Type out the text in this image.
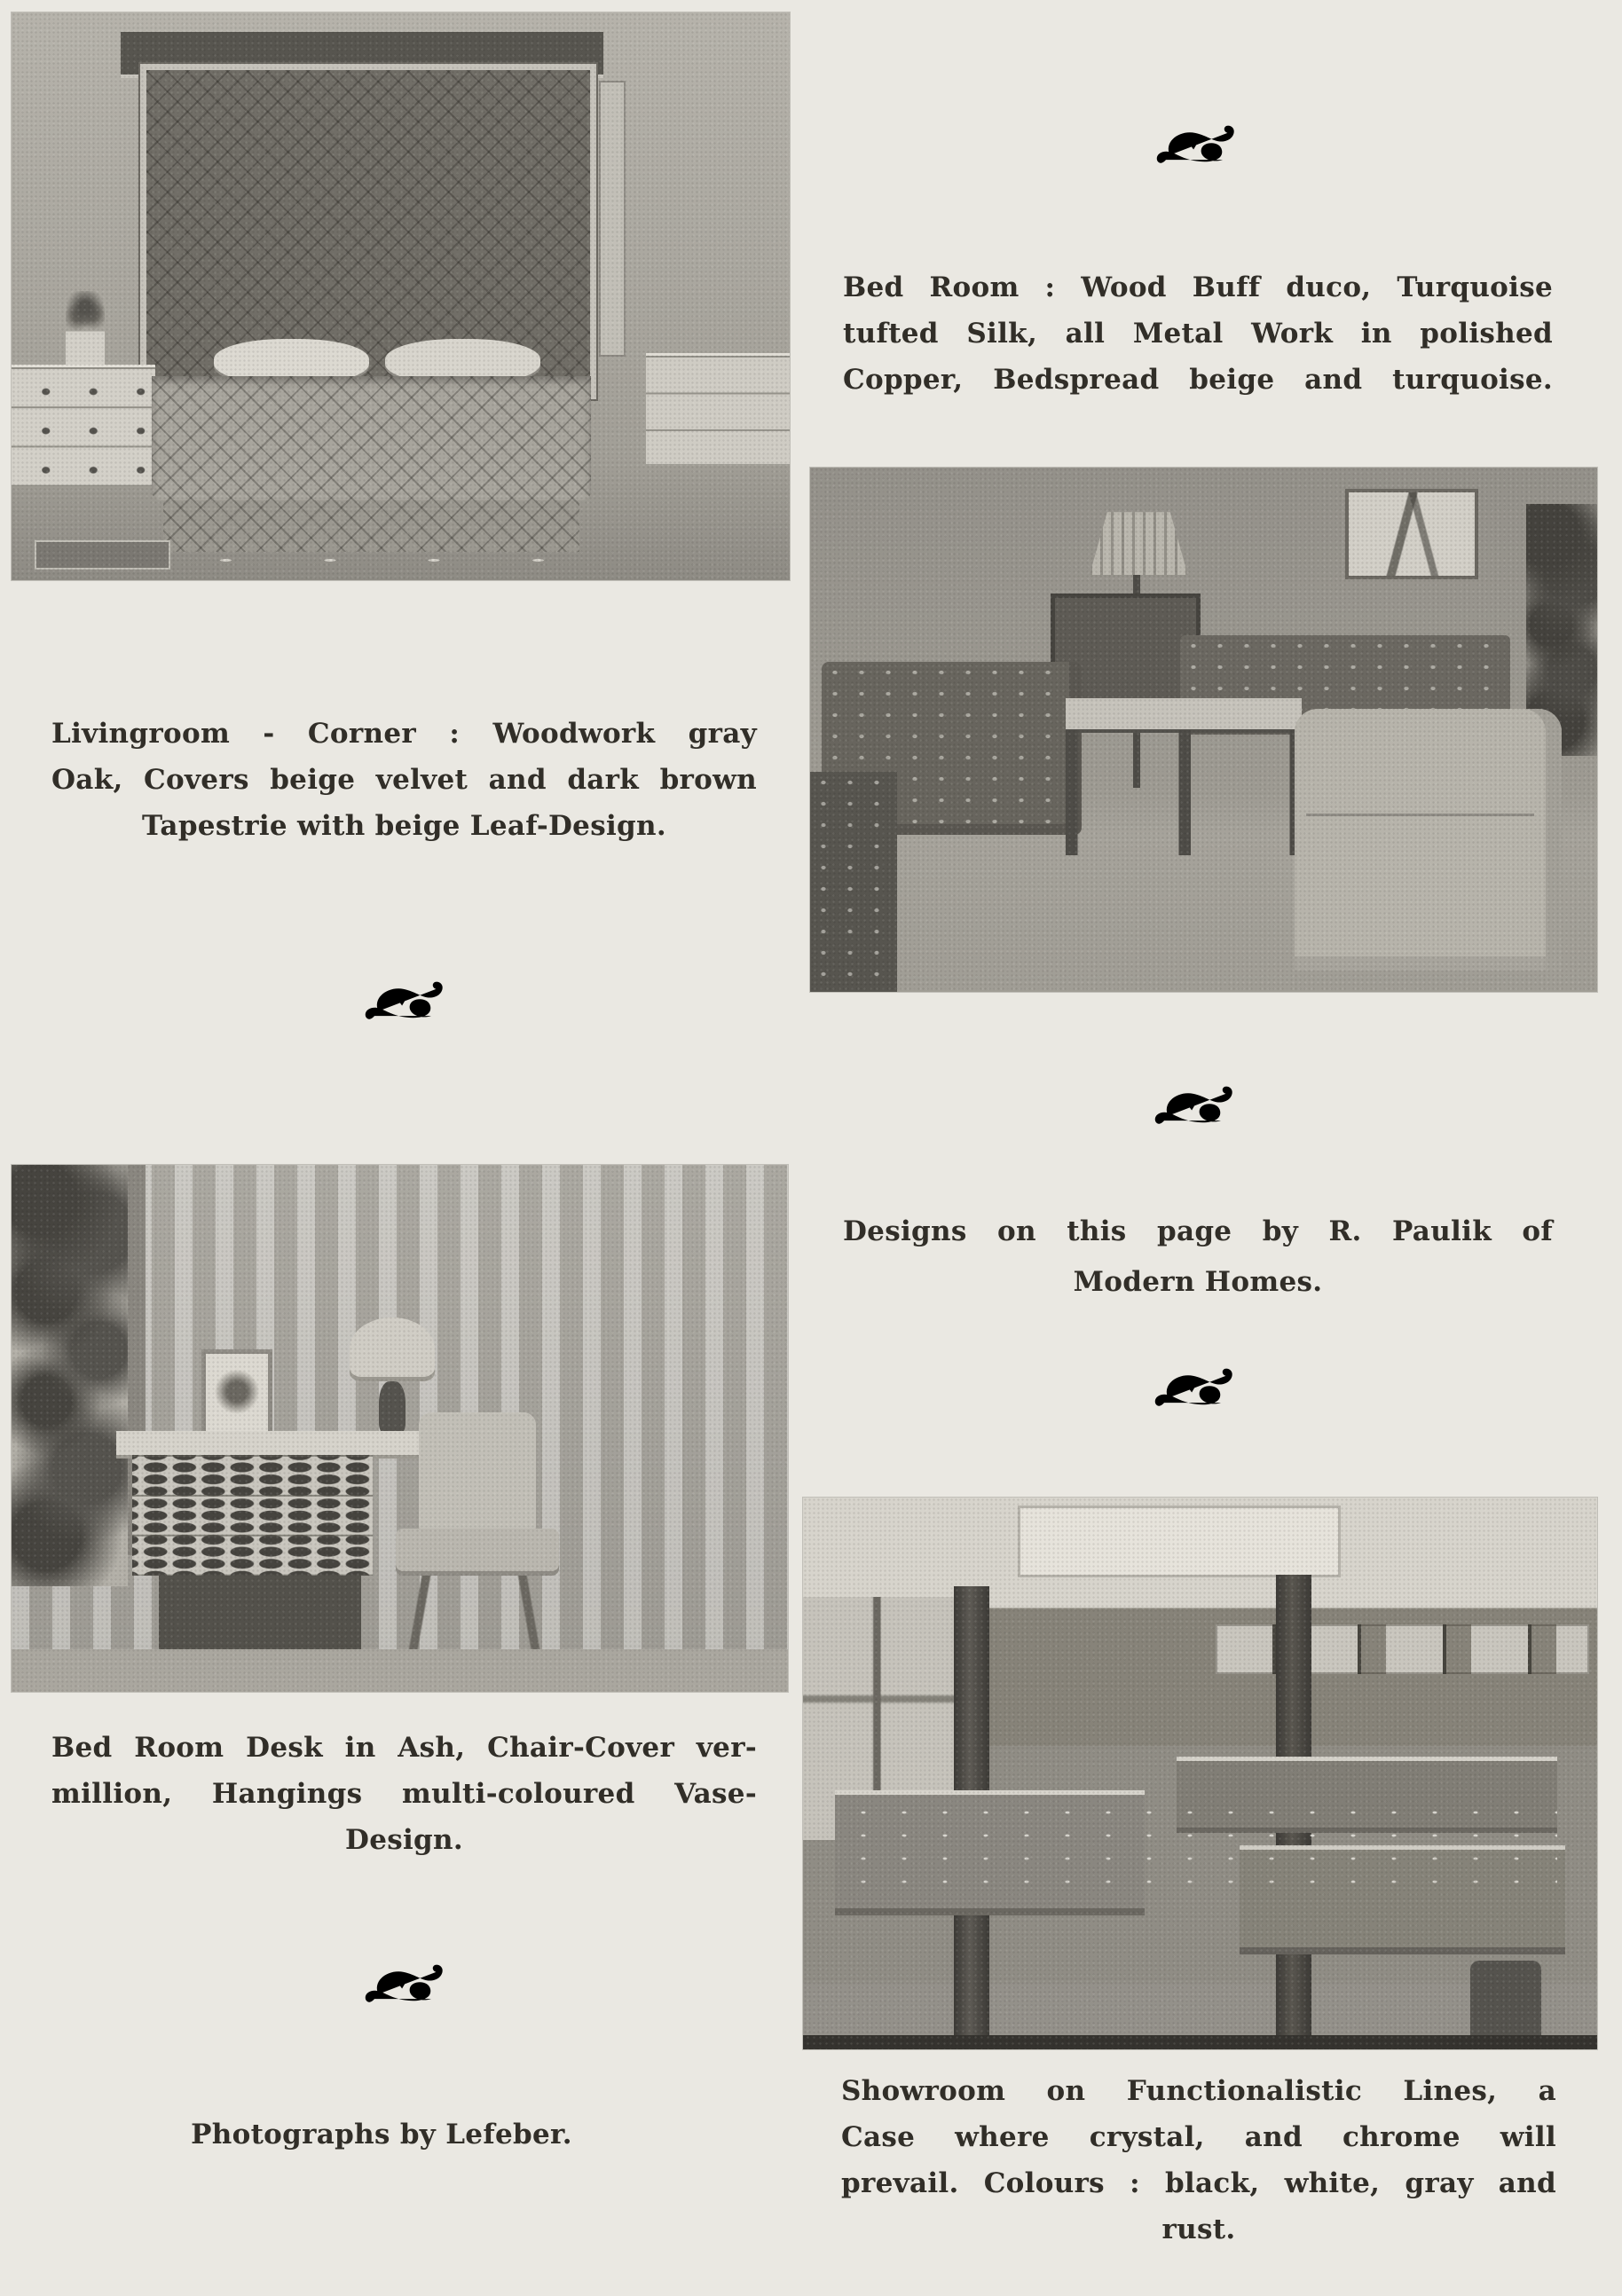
Bed Room : Wood Buff duco, Turquoise
tufted Silk, all Metal Work in polished
Copper, Bedspread beige and turquoise.
Livingroom - Corner : Woodwork gray
Oak, Covers beige velvet and dark brown
Tapestrie with beige Leaf-Design.
Designs on this page by R. Paulik of
Modern Homes.
Bed Room Desk in Ash, Chair-Cover ver-
million, Hangings multi-coloured Vase-
Design.
Photographs by Lefeber.
Showroom on Functionalistic Lines, a
Case where crystal, and chrome will
prevail. Colours : black, white, gray and
rust.
